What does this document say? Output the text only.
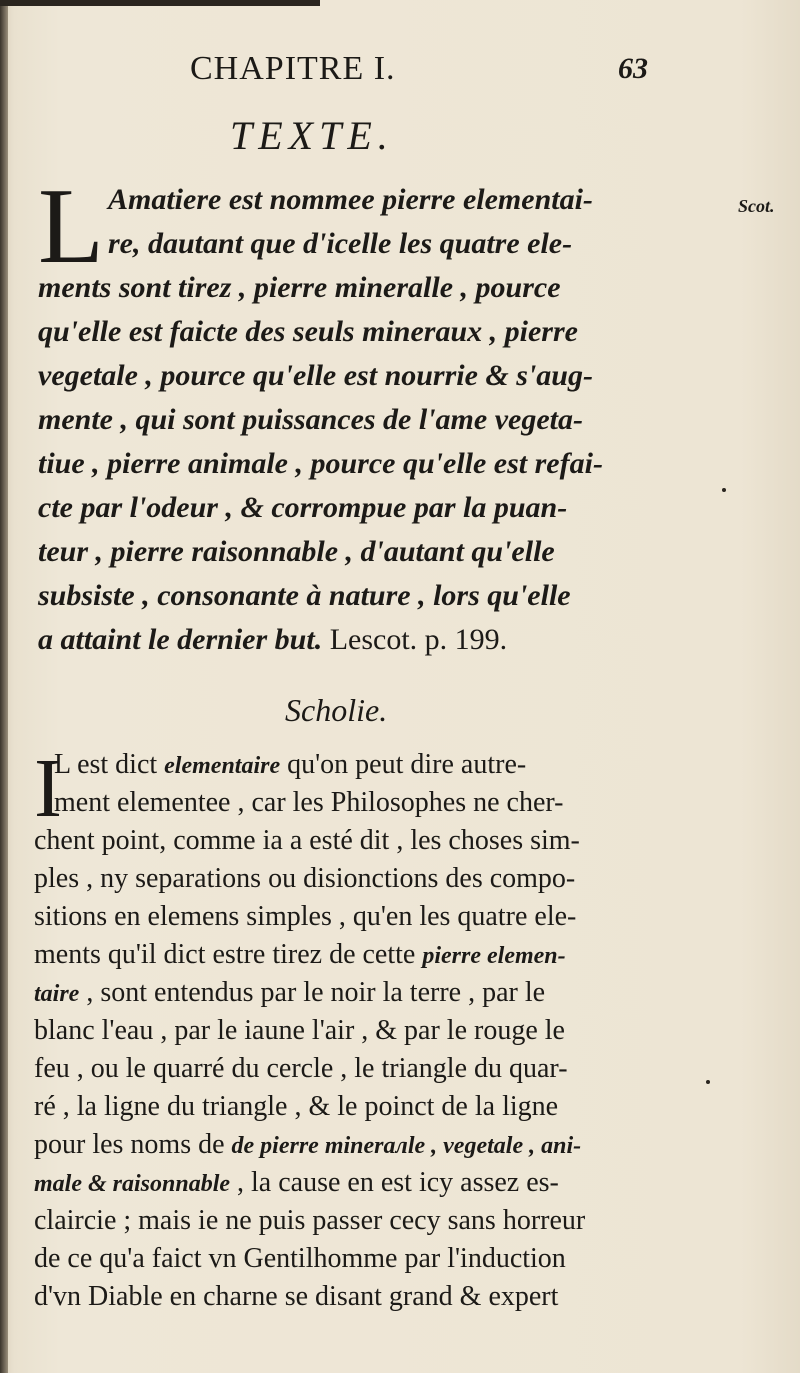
CHAPITRE I.	63
TEXTE.
Scot.
L Amatiere est nommee pierre elementai-
re, dautant que d'icelle les quatre ele-
ments sont tirez , pierre mineralle , pource
qu'elle est faicte des seuls mineraux , pierre
vegetale , pource qu'elle est nourrie & s'aug-
mente , qui sont puissances de l'ame vegeta-
tiue , pierre animale , pource qu'elle est refai-
cte par l'odeur , & corrompue par la puan-
teur , pierre raisonnable , d'autant qu'elle
subsiste , consonante à nature , lors qu'elle
a attaint le dernier but. Lescot. p. 199.
Scholie.
I
L est dict elementaire qu'on peut dire autre-
ment elementee , car les Philosophes ne cher-
chent point, comme ia a esté dit , les choses sim-
ples , ny separations ou disionctions des compo-
sitions en elemens simples , qu'en les quatre ele-
ments qu'il dict estre tirez de cette pierre elemen-
taire , sont entendus par le noir la terre , par le
blanc l'eau , par le iaune l'air , & par le rouge le
feu , ou le quarré du cercle , le triangle du quar-
ré , la ligne du triangle , & le poinct de la ligne
pour les noms de de pierre minerалle , vegetale , ani-
male & raisonnable , la cause en est icy assez es-
claircie ; mais ie ne puis passer cecy sans horreur
de ce qu'a faict vn Gentilhomme par l'induction
d'vn Diable en charne se disant grand & expert
